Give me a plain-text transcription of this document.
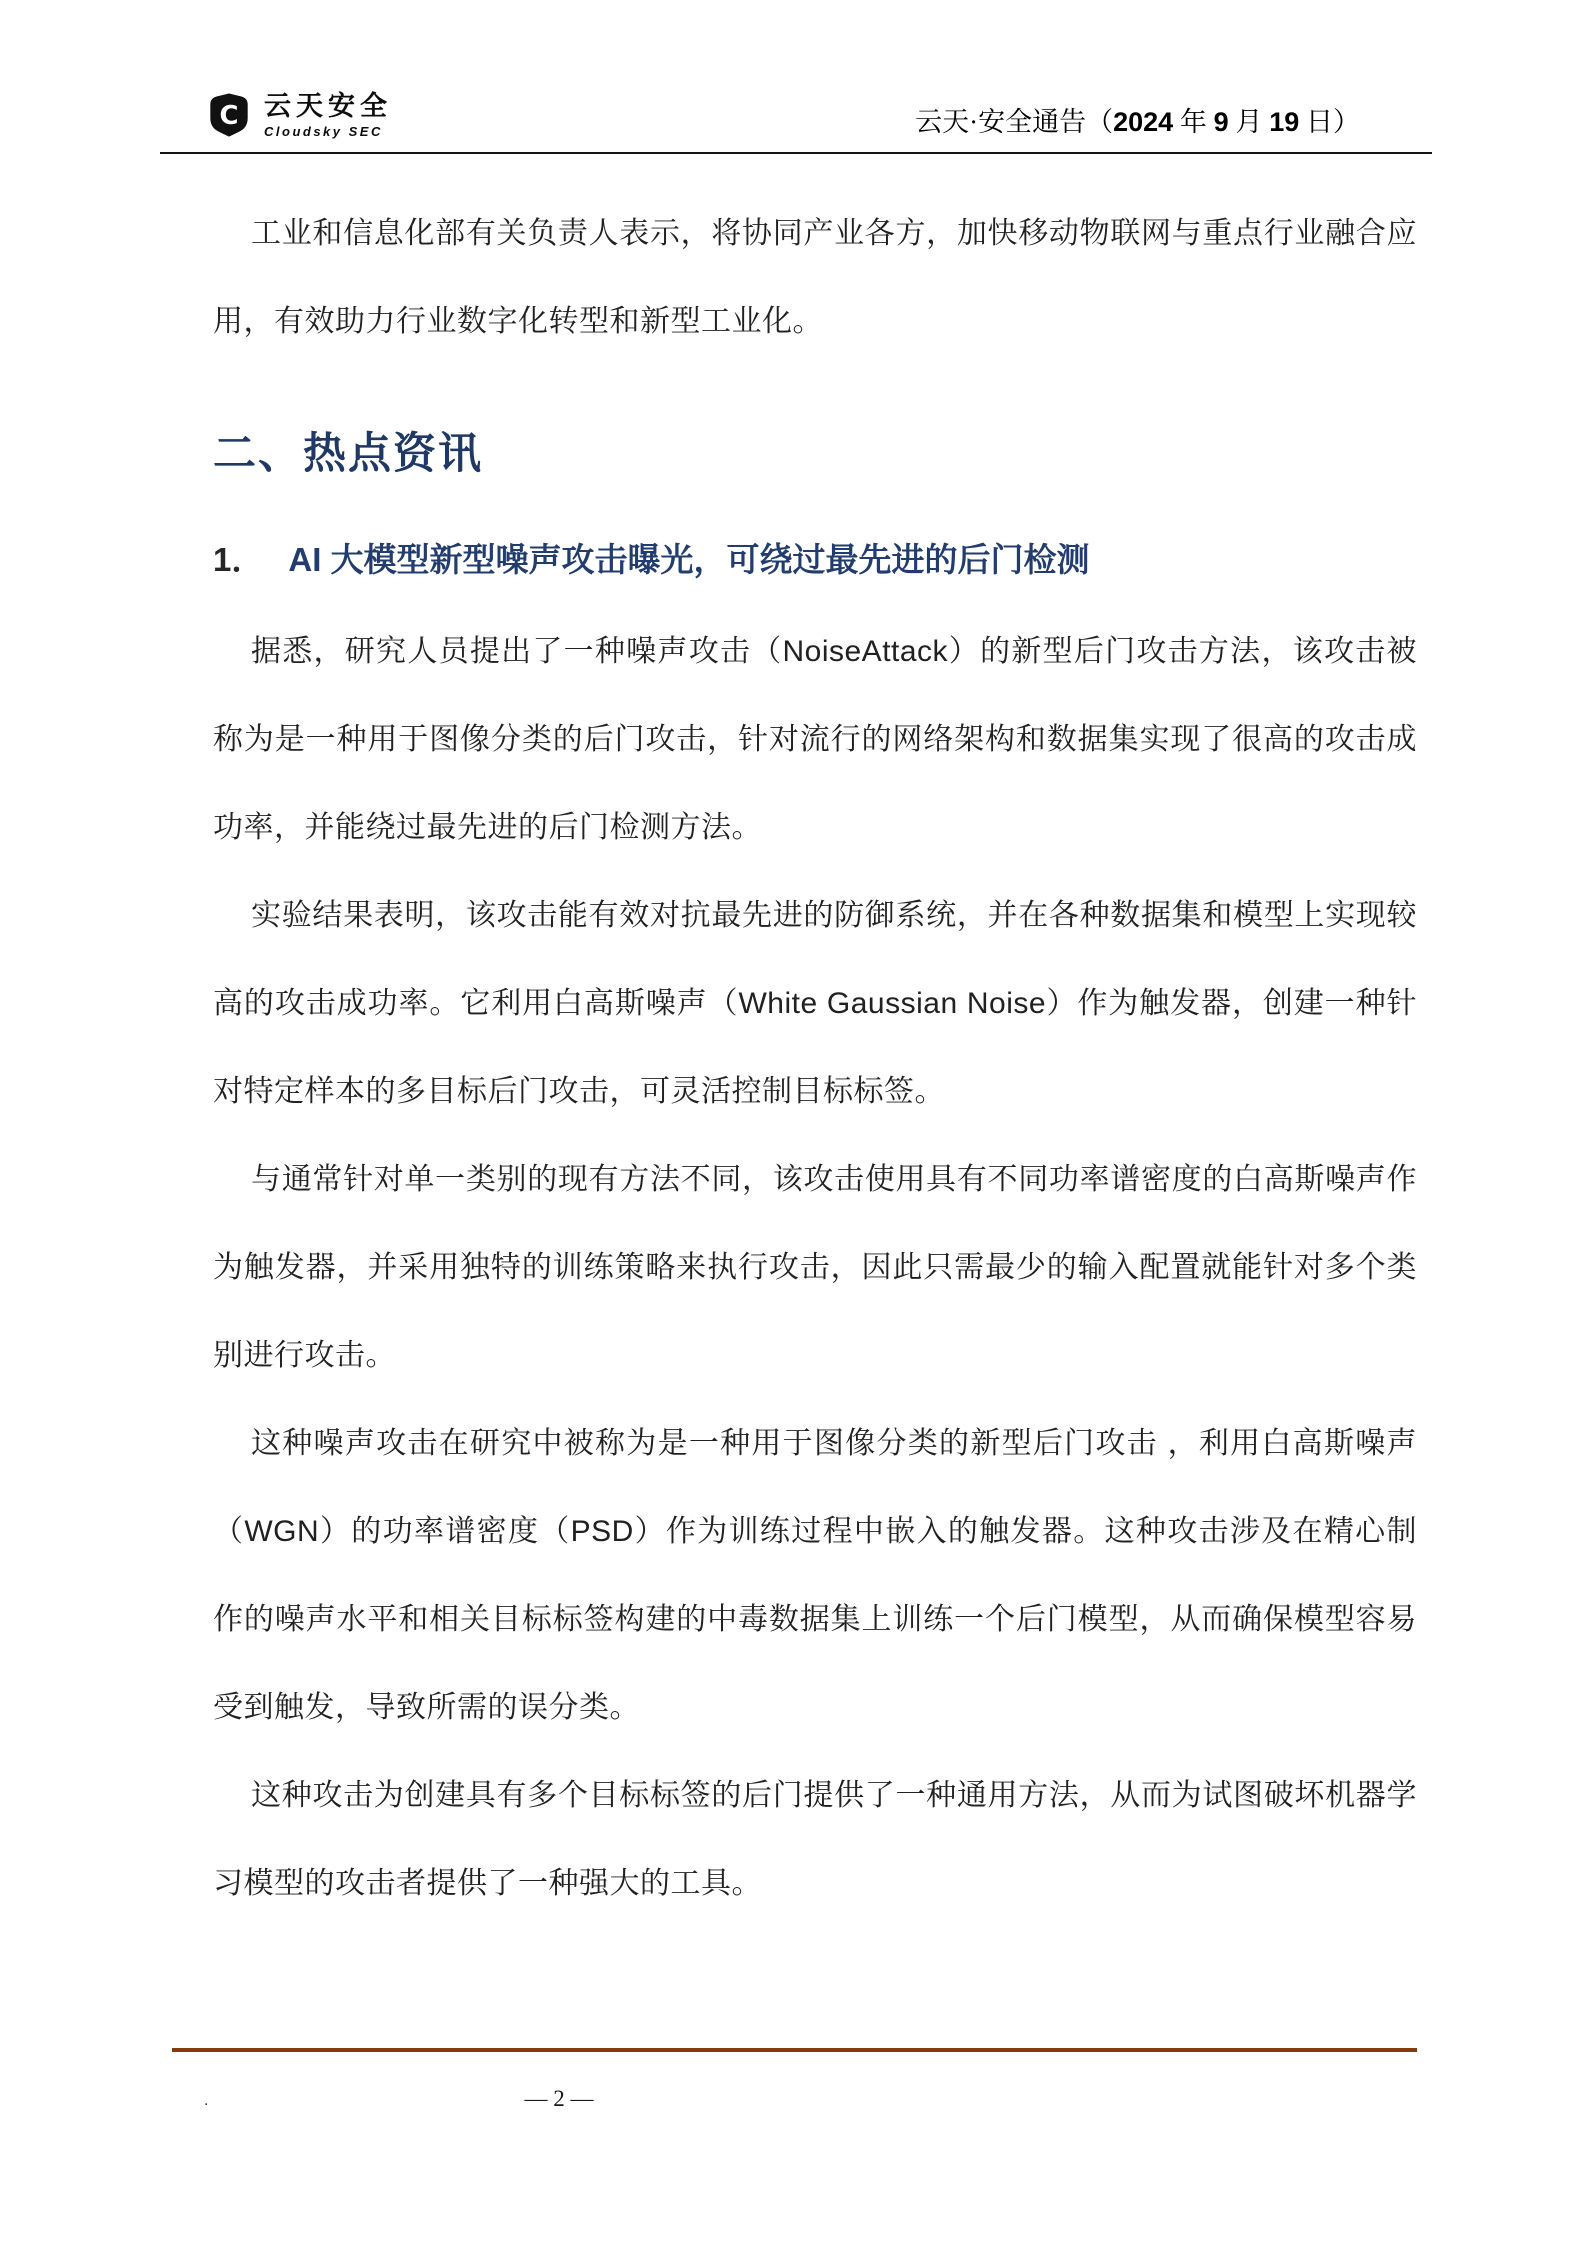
C 云天安全
Cloudsky SEC	云天·安全通告（2024 年 9 月 19 日）

工业和信息化部有关负责人表示，将协同产业各方，加快移动物联网与重点行业融合应用，有效助力行业数字化转型和新型工业化。

二、热点资讯
1． AI 大模型新型噪声攻击曝光，可绕过最先进的后门检测

据悉，研究人员提出了一种噪声攻击（NoiseAttack）的新型后门攻击方法，该攻击被称为是一种用于图像分类的后门攻击，针对流行的网络架构和数据集实现了很高的攻击成功率，并能绕过最先进的后门检测方法。

实验结果表明，该攻击能有效对抗最先进的防御系统，并在各种数据集和模型上实现较高的攻击成功率。它利用白高斯噪声（White Gaussian Noise）作为触发器，创建一种针对特定样本的多目标后门攻击，可灵活控制目标标签。

与通常针对单一类别的现有方法不同，该攻击使用具有不同功率谱密度的白高斯噪声作为触发器，并采用独特的训练策略来执行攻击，因此只需最少的输入配置就能针对多个类别进行攻击。

这种噪声攻击在研究中被称为是一种用于图像分类的新型后门攻击 ，利用白高斯噪声（WGN）的功率谱密度（PSD）作为训练过程中嵌入的触发器。这种攻击涉及在精心制作的噪声水平和相关目标标签构建的中毒数据集上训练一个后门模型，从而确保模型容易受到触发，导致所需的误分类。

这种攻击为创建具有多个目标标签的后门提供了一种通用方法，从而为试图破坏机器学习模型的攻击者提供了一种强大的工具。

.	— 2 —
